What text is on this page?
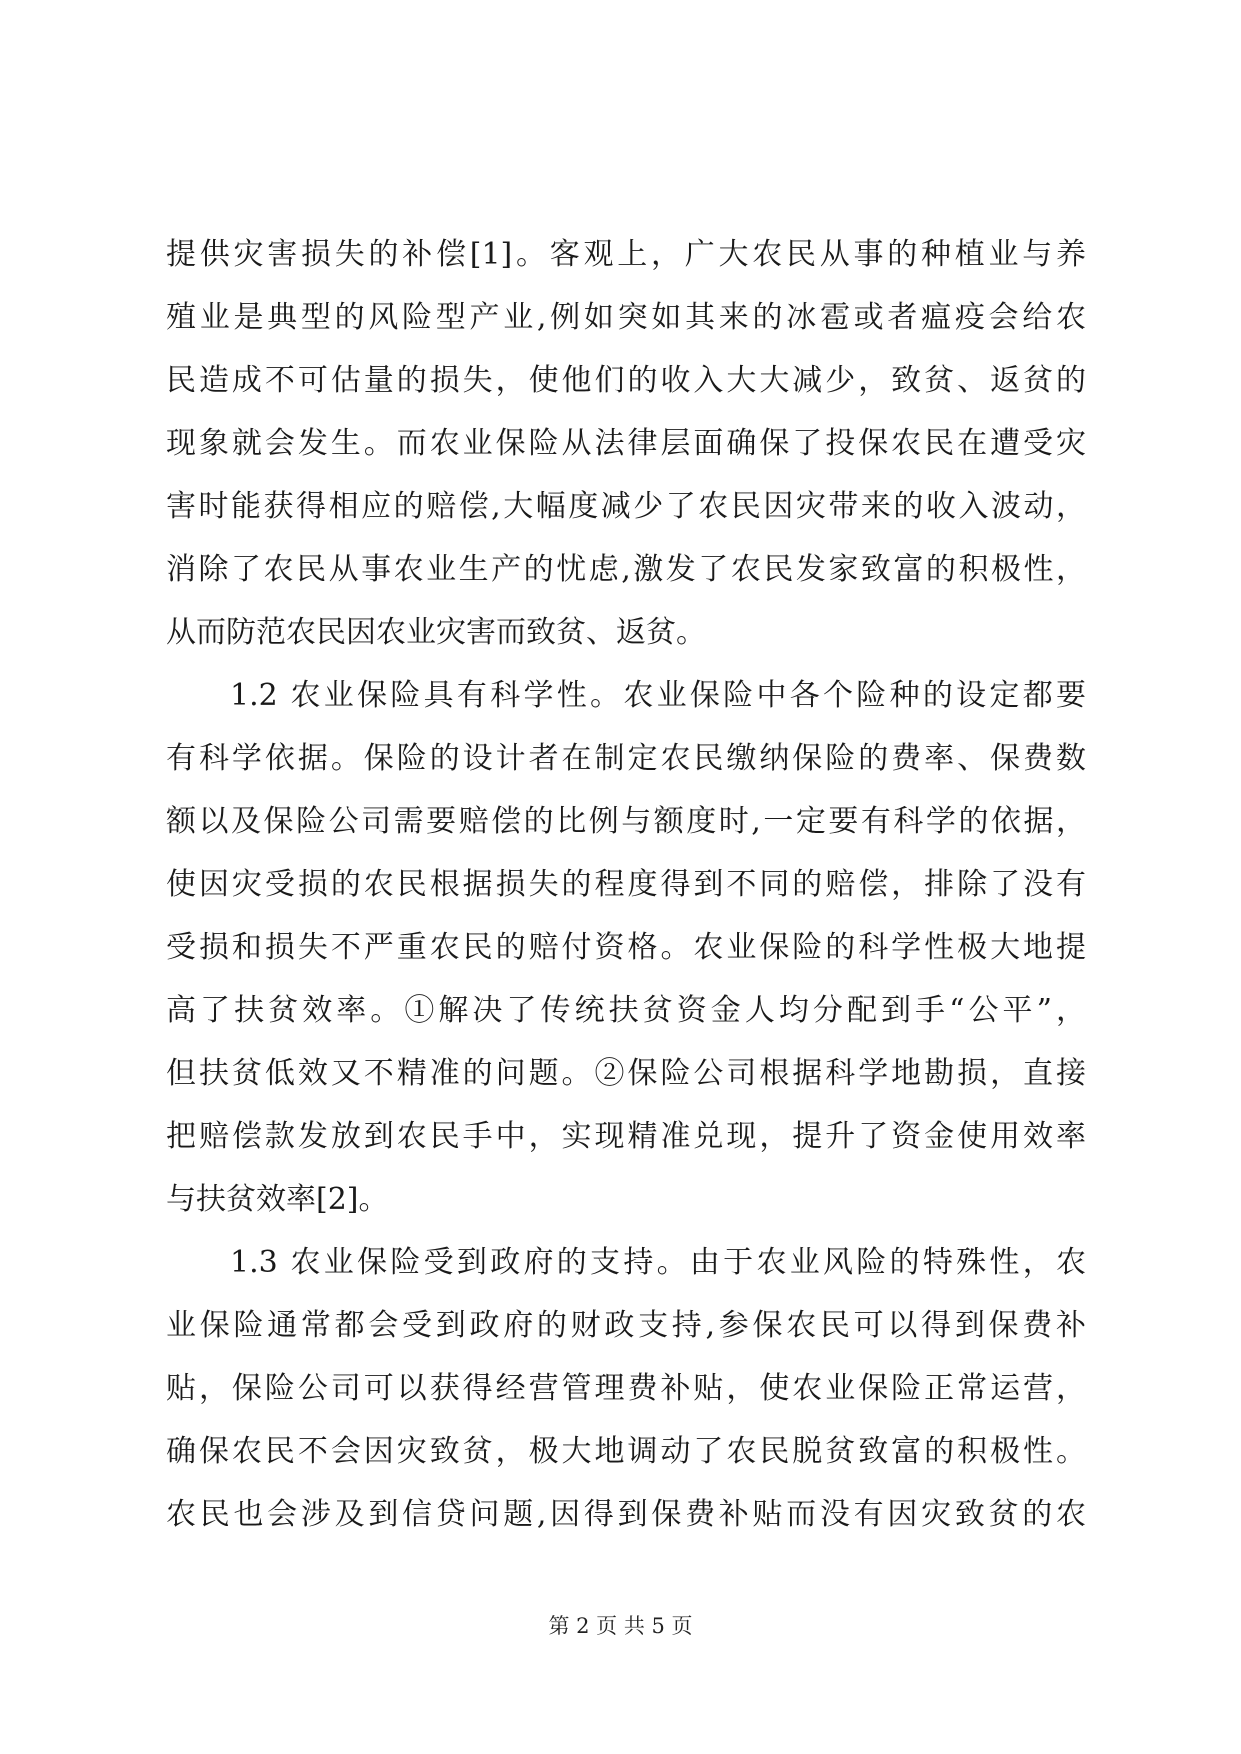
提供灾害损失的补偿[1]。客观上，广大农民从事的种植业与养
殖业是典型的风险型产业,例如突如其来的冰雹或者瘟疫会给农
民造成不可估量的损失，使他们的收入大大减少，致贫、返贫的
现象就会发生。而农业保险从法律层面确保了投保农民在遭受灾
害时能获得相应的赔偿,大幅度减少了农民因灾带来的收入波动，
消除了农民从事农业生产的忧虑,激发了农民发家致富的积极性，
从而防范农民因农业灾害而致贫、返贫。
1.2 农业保险具有科学性。农业保险中各个险种的设定都要
有科学依据。保险的设计者在制定农民缴纳保险的费率、保费数
额以及保险公司需要赔偿的比例与额度时,一定要有科学的依据，
使因灾受损的农民根据损失的程度得到不同的赔偿，排除了没有
受损和损失不严重农民的赔付资格。农业保险的科学性极大地提
高了扶贫效率。①解决了传统扶贫资金人均分配到手“公平”，
但扶贫低效又不精准的问题。②保险公司根据科学地勘损，直接
把赔偿款发放到农民手中，实现精准兑现，提升了资金使用效率
与扶贫效率[2]。
1.3 农业保险受到政府的支持。由于农业风险的特殊性，农
业保险通常都会受到政府的财政支持,参保农民可以得到保费补
贴，保险公司可以获得经营管理费补贴，使农业保险正常运营，
确保农民不会因灾致贫，极大地调动了农民脱贫致富的积极性。
农民也会涉及到信贷问题,因得到保费补贴而没有因灾致贫的农
第 2 页 共 5 页
